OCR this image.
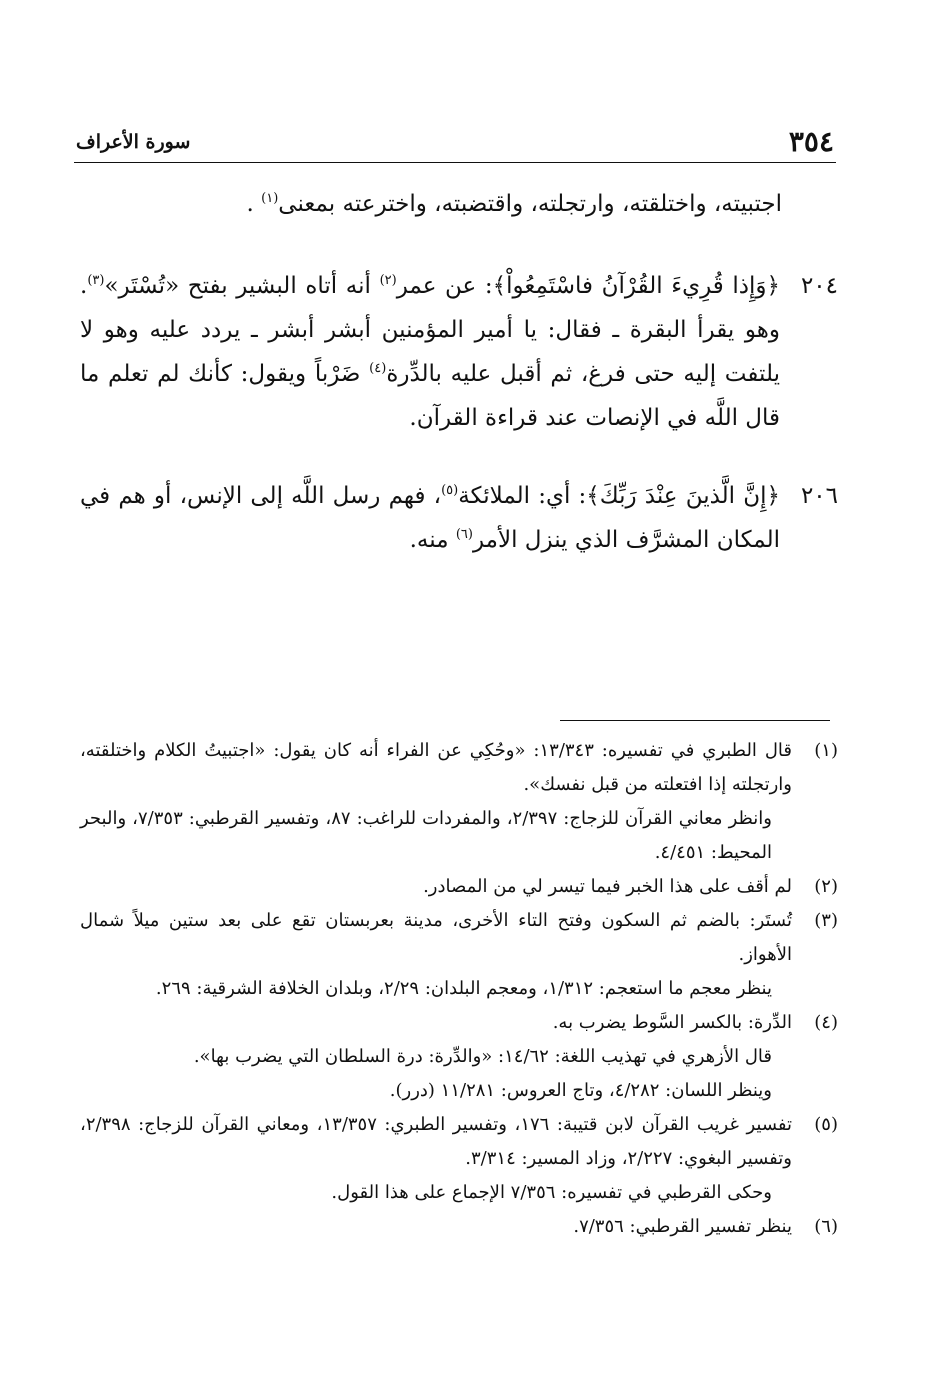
٣٥٤
سورة الأعراف
اجتبيته، واختلقته، وارتجلته، واقتضبته، واخترعته بمعنى$^{(١)}$ .
٢٠٤
﴿وَإِذا قُرِيءَ القُرْآنُ فاسْتَمِعُواْ﴾: عن عمر$^{(٢)}$ أنه أتاه البشير بفتح «تُسْتَر»$^{(٣)}$. وهو يقرأ البقرة ـ فقال: يا أمير المؤمنين أبشر أبشر ـ يردد عليه وهو لا يلتفت إليه حتى فرغ، ثم أقبل عليه بالدِّرة$^{(٤)}$ ضَرْباً ويقول: كأنك لم تعلم ما قال اللَّه في الإنصات عند قراءة القرآن.
٢٠٦
﴿إِنَّ الَّذينَ عِنْدَ رَبِّكَ﴾: أي: الملائكة$^{(٥)}$، فهم رسل اللَّه إلى الإنس، أو هم في المكان المشرَّف الذي ينزل الأمر$^{(٦)}$ منه.
(١)
قال الطبري في تفسيره: ١٣/٣٤٣: «وحُكِي عن الفراء أنه كان يقول: «اجتبيتُ الكلام واختلقته، وارتجلته إذا افتعلته من قبل نفسك».
وانظر معاني القرآن للزجاج: ٢/٣٩٧، والمفردات للراغب: ٨٧، وتفسير القرطبي: ٧/٣٥٣، والبحر المحيط: ٤/٤٥١.
(٢)
لم أقف على هذا الخبر فيما تيسر لي من المصادر.
(٣)
تُستَر: بالضم ثم السكون وفتح التاء الأخرى، مدينة بعربستان تقع على بعد ستين ميلاً شمال الأهواز.
ينظر معجم ما استعجم: ١/٣١٢، ومعجم البلدان: ٢/٢٩، وبلدان الخلافة الشرقية: ٢٦٩.
(٤)
الدِّرة: بالكسر السَّوط يضرب به.
قال الأزهري في تهذيب اللغة: ١٤/٦٢: «والدِّرة: درة السلطان التي يضرب بها».
وينظر اللسان: ٤/٢٨٢، وتاج العروس: ١١/٢٨١ (درر).
(٥)
تفسير غريب القرآن لابن قتيبة: ١٧٦، وتفسير الطبري: ١٣/٣٥٧، ومعاني القرآن للزجاج: ٢/٣٩٨، وتفسير البغوي: ٢/٢٢٧، وزاد المسير: ٣/٣١٤.
وحكى القرطبي في تفسيره: ٧/٣٥٦ الإجماع على هذا القول.
(٦)
ينظر تفسير القرطبي: ٧/٣٥٦.
